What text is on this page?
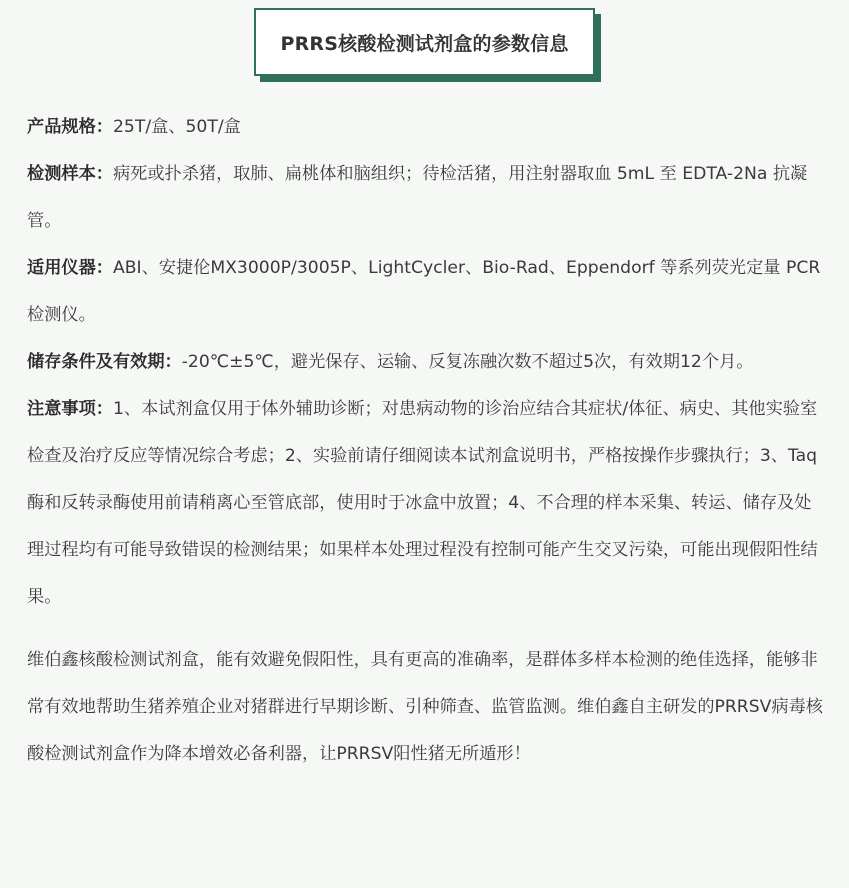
PRRS核酸检测试剂盒的参数信息

产品规格：25T/盒、50T/盒

检测样本：病死或扑杀猪，取肺、扁桃体和脑组织；待检活猪，用注射器取血 5mL 至 EDTA-2Na 抗凝管。

适用仪器：ABI、安捷伦MX3000P/3005P、LightCycler、Bio-Rad、Eppendorf 等系列荧光定量 PCR 检测仪。

储存条件及有效期：-20℃±5℃，避光保存、运输、反复冻融次数不超过5次，有效期12个月。

注意事项：1、本试剂盒仅用于体外辅助诊断；对患病动物的诊治应结合其症状/体征、病史、其他实验室检查及治疗反应等情况综合考虑；2、实验前请仔细阅读本试剂盒说明书，严格按操作步骤执行；3、Taq酶和反转录酶使用前请稍离心至管底部，使用时于冰盒中放置；4、不合理的样本采集、转运、储存及处理过程均有可能导致错误的检测结果；如果样本处理过程没有控制可能产生交叉污染，可能出现假阳性结果。

维伯鑫核酸检测试剂盒，能有效避免假阳性，具有更高的准确率，是群体多样本检测的绝佳选择，能够非常有效地帮助生猪养殖企业对猪群进行早期诊断、引种筛查、监管监测。维伯鑫自主研发的PRRSV病毒核酸检测试剂盒作为降本增效必备利器，让PRRSV阳性猪无所遁形！
